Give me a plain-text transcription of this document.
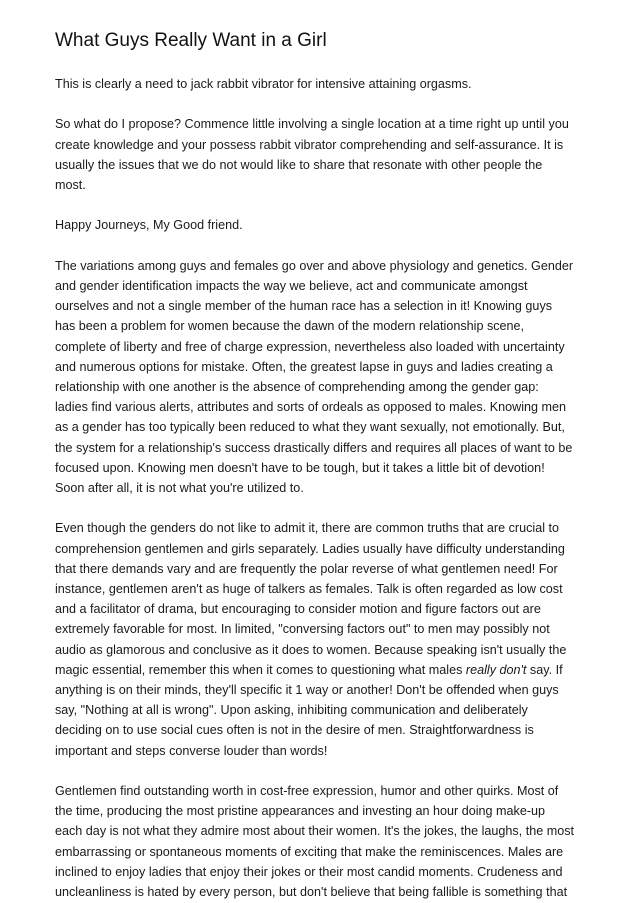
What Guys Really Want in a Girl

This is clearly a need to jack rabbit vibrator for intensive attaining orgasms.

So what do I propose? Commence little involving a single location at a time right up until you
create knowledge and your possess rabbit vibrator comprehending and self-assurance. It is
usually the issues that we do not would like to share that resonate with other people the
most.

Happy Journeys, My Good friend.

The variations among guys and females go over and above physiology and genetics. Gender
and gender identification impacts the way we believe, act and communicate amongst
ourselves and not a single member of the human race has a selection in it! Knowing guys
has been a problem for women because the dawn of the modern relationship scene,
complete of liberty and free of charge expression, nevertheless also loaded with uncertainty
and numerous options for mistake. Often, the greatest lapse in guys and ladies creating a
relationship with one another is the absence of comprehending among the gender gap:
ladies find various alerts, attributes and sorts of ordeals as opposed to males. Knowing men
as a gender has too typically been reduced to what they want sexually, not emotionally. But,
the system for a relationship's success drastically differs and requires all places of want to be
focused upon. Knowing men doesn't have to be tough, but it takes a little bit of devotion!
Soon after all, it is not what you're utilized to.

Even though the genders do not like to admit it, there are common truths that are crucial to
comprehension gentlemen and girls separately. Ladies usually have difficulty understanding
that there demands vary and are frequently the polar reverse of what gentlemen need! For
instance, gentlemen aren't as huge of talkers as females. Talk is often regarded as low cost
and a facilitator of drama, but encouraging to consider motion and figure factors out are
extremely favorable for most. In limited, "conversing factors out" to men may possibly not
audio as glamorous and conclusive as it does to women. Because speaking isn't usually the
magic essential, remember this when it comes to questioning what males really don't say. If
anything is on their minds, they'll specific it 1 way or another! Don't be offended when guys
say, "Nothing at all is wrong". Upon asking, inhibiting communication and deliberately
deciding on to use social cues often is not in the desire of men. Straightforwardness is
important and steps converse louder than words!

Gentlemen find outstanding worth in cost-free expression, humor and other quirks. Most of
the time, producing the most pristine appearances and investing an hour doing make-up
each day is not what they admire most about their women. It's the jokes, the laughs, the most
embarrassing or spontaneous moments of exciting that make the reminiscences. Males are
inclined to enjoy ladies that enjoy their jokes or their most candid moments. Crudeness and
uncleanliness is hated by every person, but don't believe that being fallible is something that
